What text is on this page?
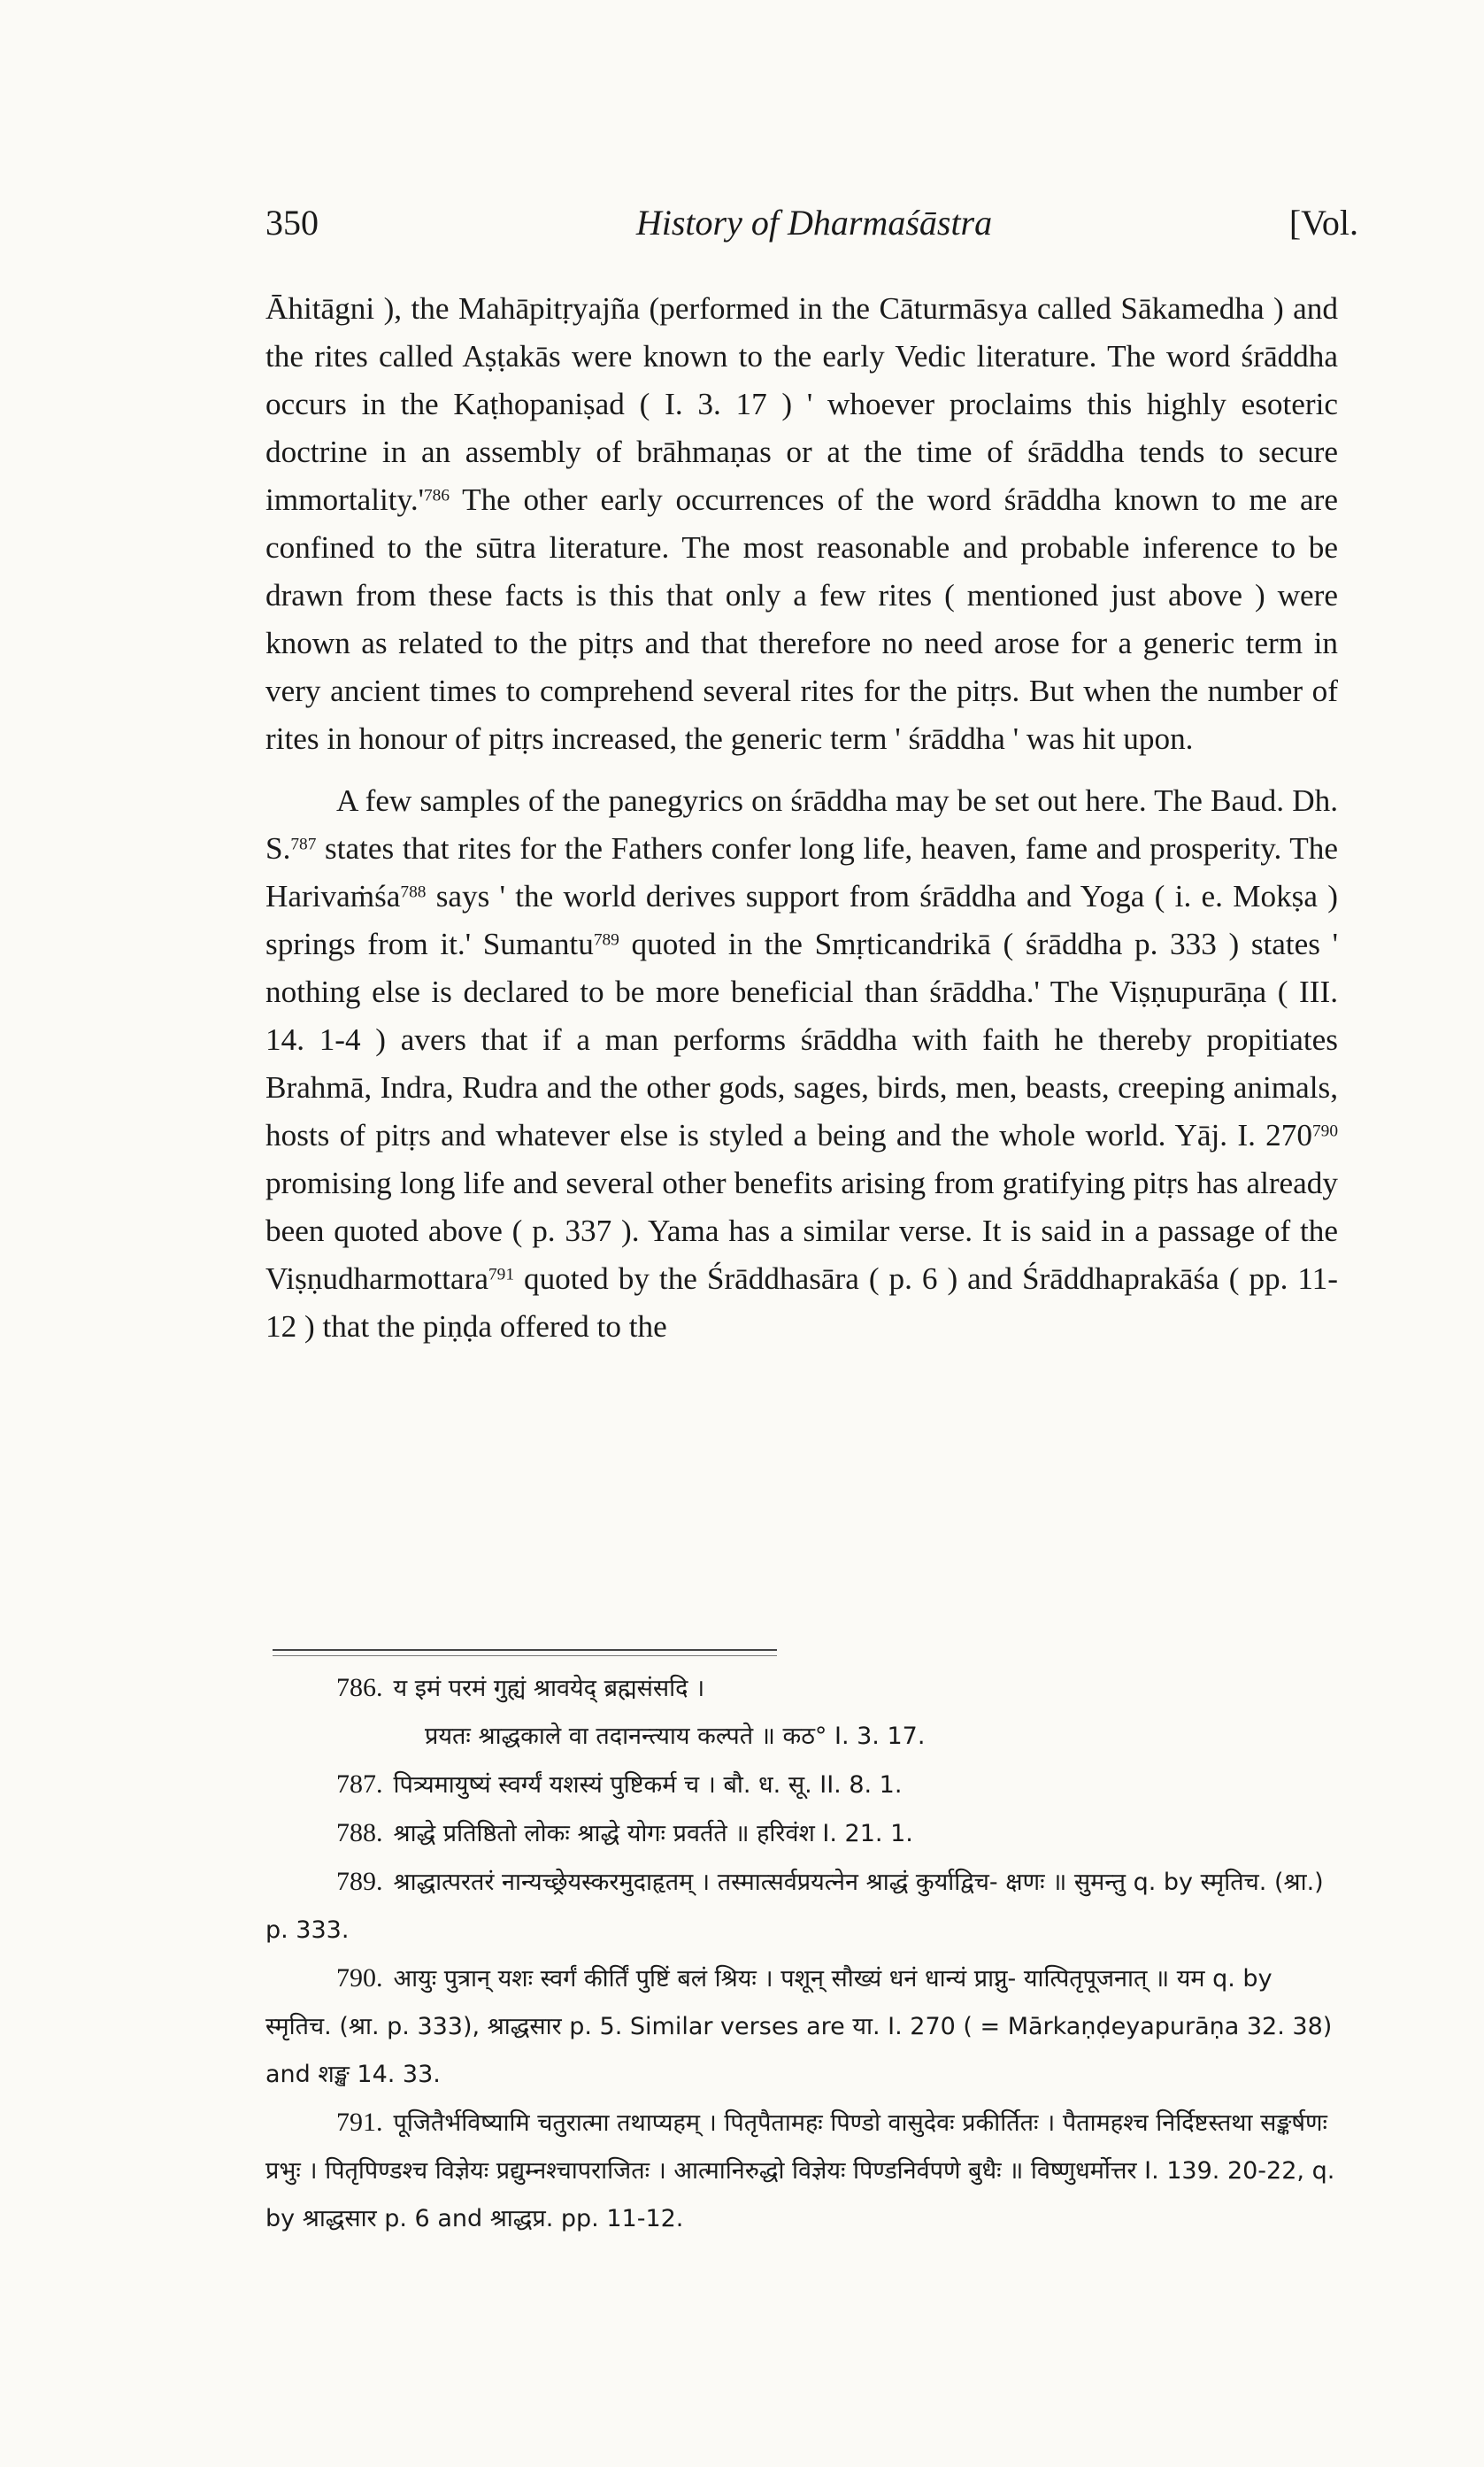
350	History of Dharmaśāstra	[Vol.

Āhitāgni ), the Mahāpitṛyajña (performed in the Cāturmāsya called Sākamedha ) and the rites called Aṣṭakās were known to the early Vedic literature. The word śrāddha occurs in the Kaṭhopaniṣad ( I. 3. 17 ) ' whoever proclaims this highly esoteric doctrine in an assembly of brāhmaṇas or at the time of śrāddha tends to secure $immortality.'^{786}$ The other early occurrences of the word śrāddha known to me are confined to the sūtra literature. The most reasonable and probable inference to be drawn from these facts is this that only a few rites ( mentioned just above ) were known as related to the pitṛs and that therefore no need arose for a generic term in very ancient times to comprehend several rites for the pitṛs. But when the number of rites in honour of pitṛs increased, the generic term ' śrāddha ' was hit upon.

A few samples of the panegyrics on śrāddha may be set out here. The Baud. Dh. S.$^{787}$ states that rites for the Fathers confer long life, heaven, fame and prosperity. The Harivaṁśa$^{788}$ says ' the world derives support from śrāddha and Yoga ( i. e. Mokṣa ) springs from it.' Sumantu$^{789}$ quoted in the Smṛticandrikā ( śrāddha p. 333 ) states ' nothing else is declared to be more beneficial than śrāddha.' The Viṣṇupurāṇa ( III. 14. 1-4 ) avers that if a man performs śrāddha with faith he thereby propitiates Brahmā, Indra, Rudra and the other gods, sages, birds, men, beasts, creeping animals, hosts of pitṛs and whatever else is styled a being and the whole world. Yāj. I. $270^{790}$ promising long life and several other benefits arising from gratifying pitṛs has already been quoted above ( p. 337 ). Yama has a similar verse. It is said in a passage of the Viṣṇudharmottara$^{791}$ quoted by the Śrāddhasāra ( p. 6 ) and Śrāddhaprakāśa ( pp. 11-12 ) that the piṇḍa offered to the

786. य इमं परमं गुह्यं श्रावयेद् ब्रह्मसंसदि ।
प्रयतः श्राद्धकाले वा तदानन्त्याय कल्पते ॥ कठ° I. 3. 17.

787. पित्र्यमायुष्यं स्वर्ग्यं यशस्यं पुष्टिकर्म च । बौ. ध. सू. II. 8. 1.

788. श्राद्धे प्रतिष्ठितो लोकः श्राद्धे योगः प्रवर्तते ॥ हरिवंश I. 21. 1.

789. श्राद्धात्परतरं नान्यच्छ्रेयस्करमुदाहृतम् । तस्मात्सर्वप्रयत्नेन श्राद्धं कुर्याद्विच- क्षणः ॥ सुमन्तु q. by स्मृतिच. (श्रा.) p. 333.

790. आयुः पुत्रान् यशः स्वर्गं कीर्तिं पुष्टिं बलं श्रियः । पशून् सौख्यं धनं धान्यं प्राप्नु- यात्पितृपूजनात् ॥ यम q. by स्मृतिच. (श्रा. p. 333), श्राद्धसार p. 5. Similar verses are या. I. 270 ( = Mārkaṇḍeyapurāṇa 32. 38) and शङ्ख 14. 33.

791. पूजितैर्भविष्यामि चतुरात्मा तथाप्यहम् । पितृपैतामहः पिण्डो वासुदेवः प्रकीर्तितः । पैतामहश्च निर्दिष्टस्तथा सङ्कर्षणः प्रभुः । पितृपिण्डश्च विज्ञेयः प्रद्युम्नश्चापराजितः । आत्मानिरुद्धो विज्ञेयः पिण्डनिर्वपणे बुधैः ॥ विष्णुधर्मोत्तर I. 139. 20-22, q. by श्राद्धसार p. 6 and श्राद्धप्र. pp. 11-12.
